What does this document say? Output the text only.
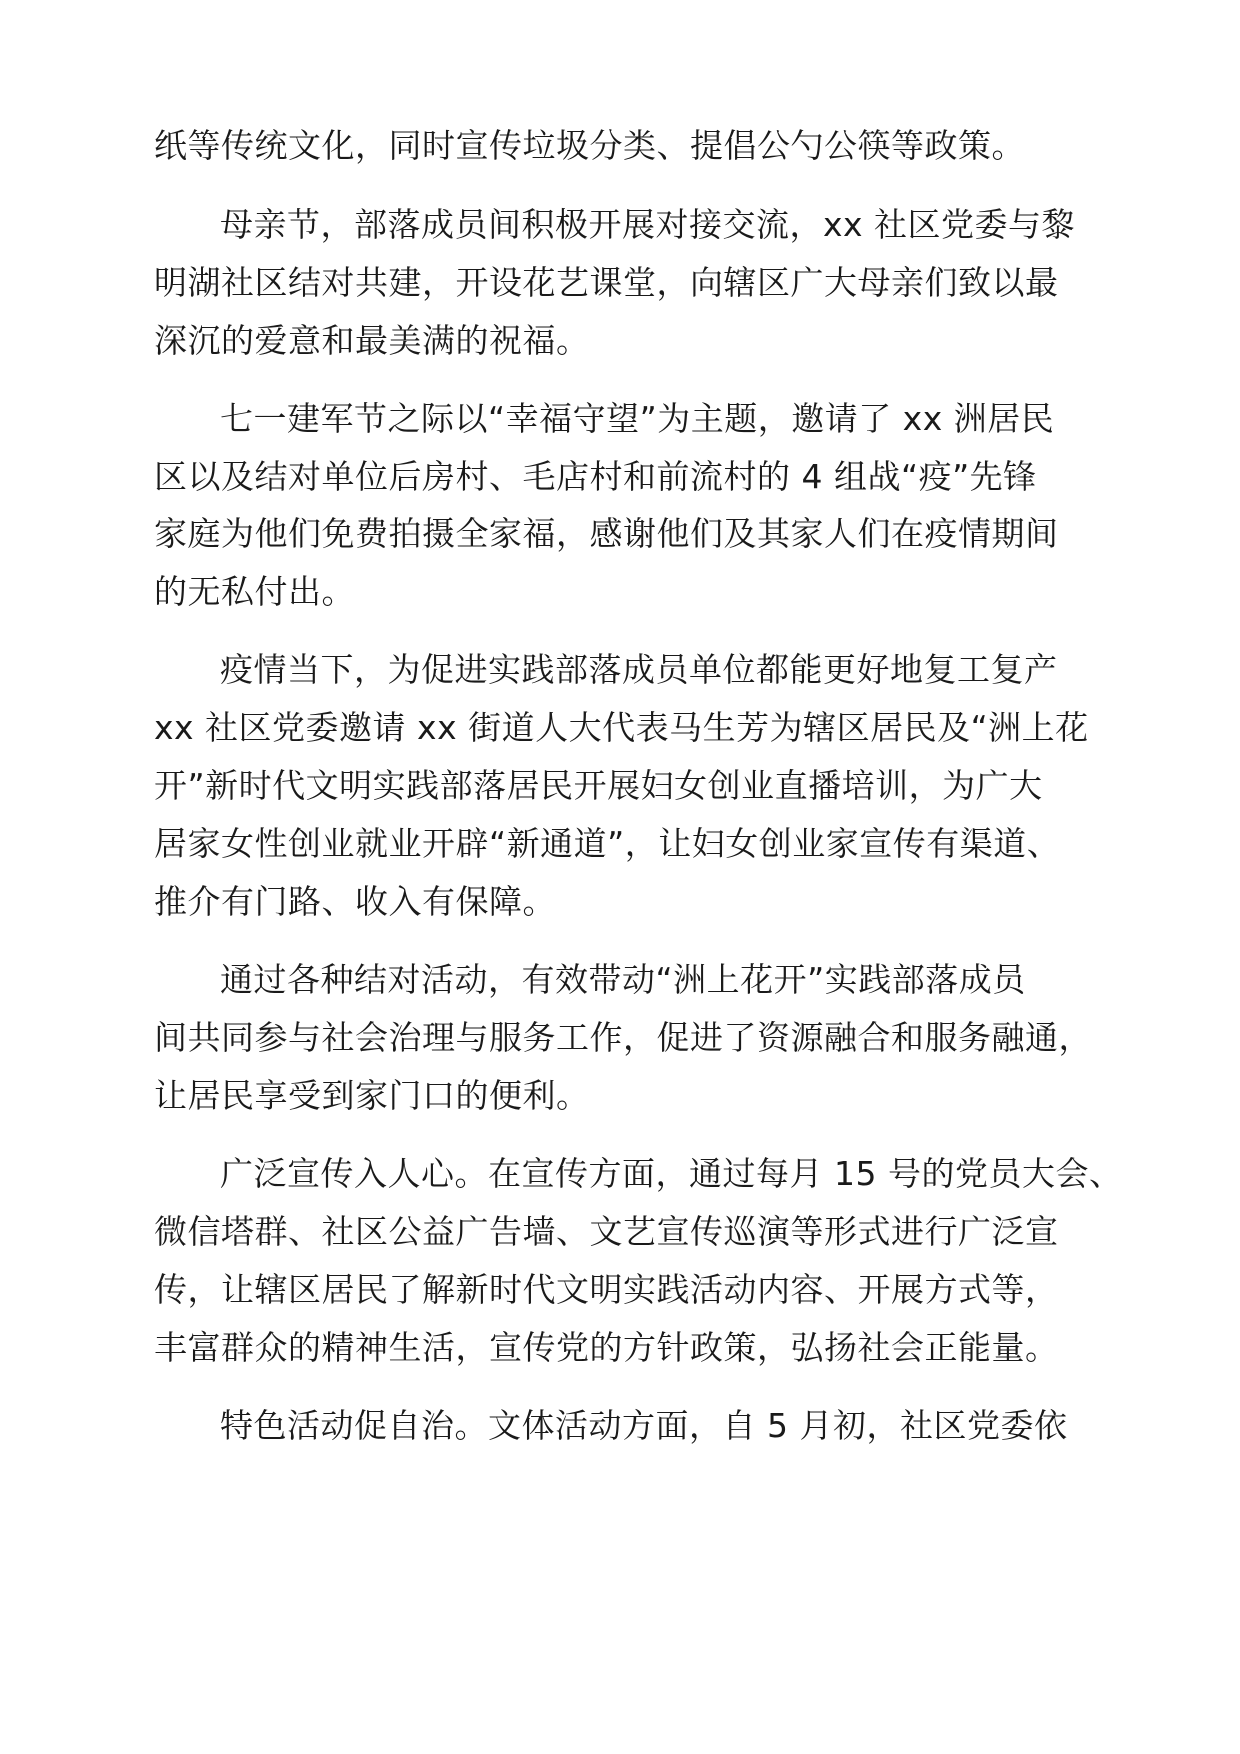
纸等传统文化，同时宣传垃圾分类、提倡公勺公筷等政策。
母亲节，部落成员间积极开展对接交流，xx 社区党委与黎
明湖社区结对共建，开设花艺课堂，向辖区广大母亲们致以最
深沉的爱意和最美满的祝福。
七一建军节之际以“幸福守望”为主题，邀请了 xx 洲居民
区以及结对单位后房村、毛店村和前流村的 4 组战“疫”先锋
家庭为他们免费拍摄全家福，感谢他们及其家人们在疫情期间
的无私付出。
疫情当下，为促进实践部落成员单位都能更好地复工复产
xx 社区党委邀请 xx 街道人大代表马生芳为辖区居民及“洲上花
开”新时代文明实践部落居民开展妇女创业直播培训，为广大
居家女性创业就业开辟“新通道”，让妇女创业家宣传有渠道、
推介有门路、收入有保障。
通过各种结对活动，有效带动“洲上花开”实践部落成员
间共同参与社会治理与服务工作，促进了资源融合和服务融通，
让居民享受到家门口的便利。
广泛宣传入人心。在宣传方面，通过每月 15 号的党员大会、
微信塔群、社区公益广告墙、文艺宣传巡演等形式进行广泛宣
传，让辖区居民了解新时代文明实践活动内容、开展方式等，
丰富群众的精神生活，宣传党的方针政策，弘扬社会正能量。
特色活动促自治。文体活动方面，自 5 月初，社区党委依
